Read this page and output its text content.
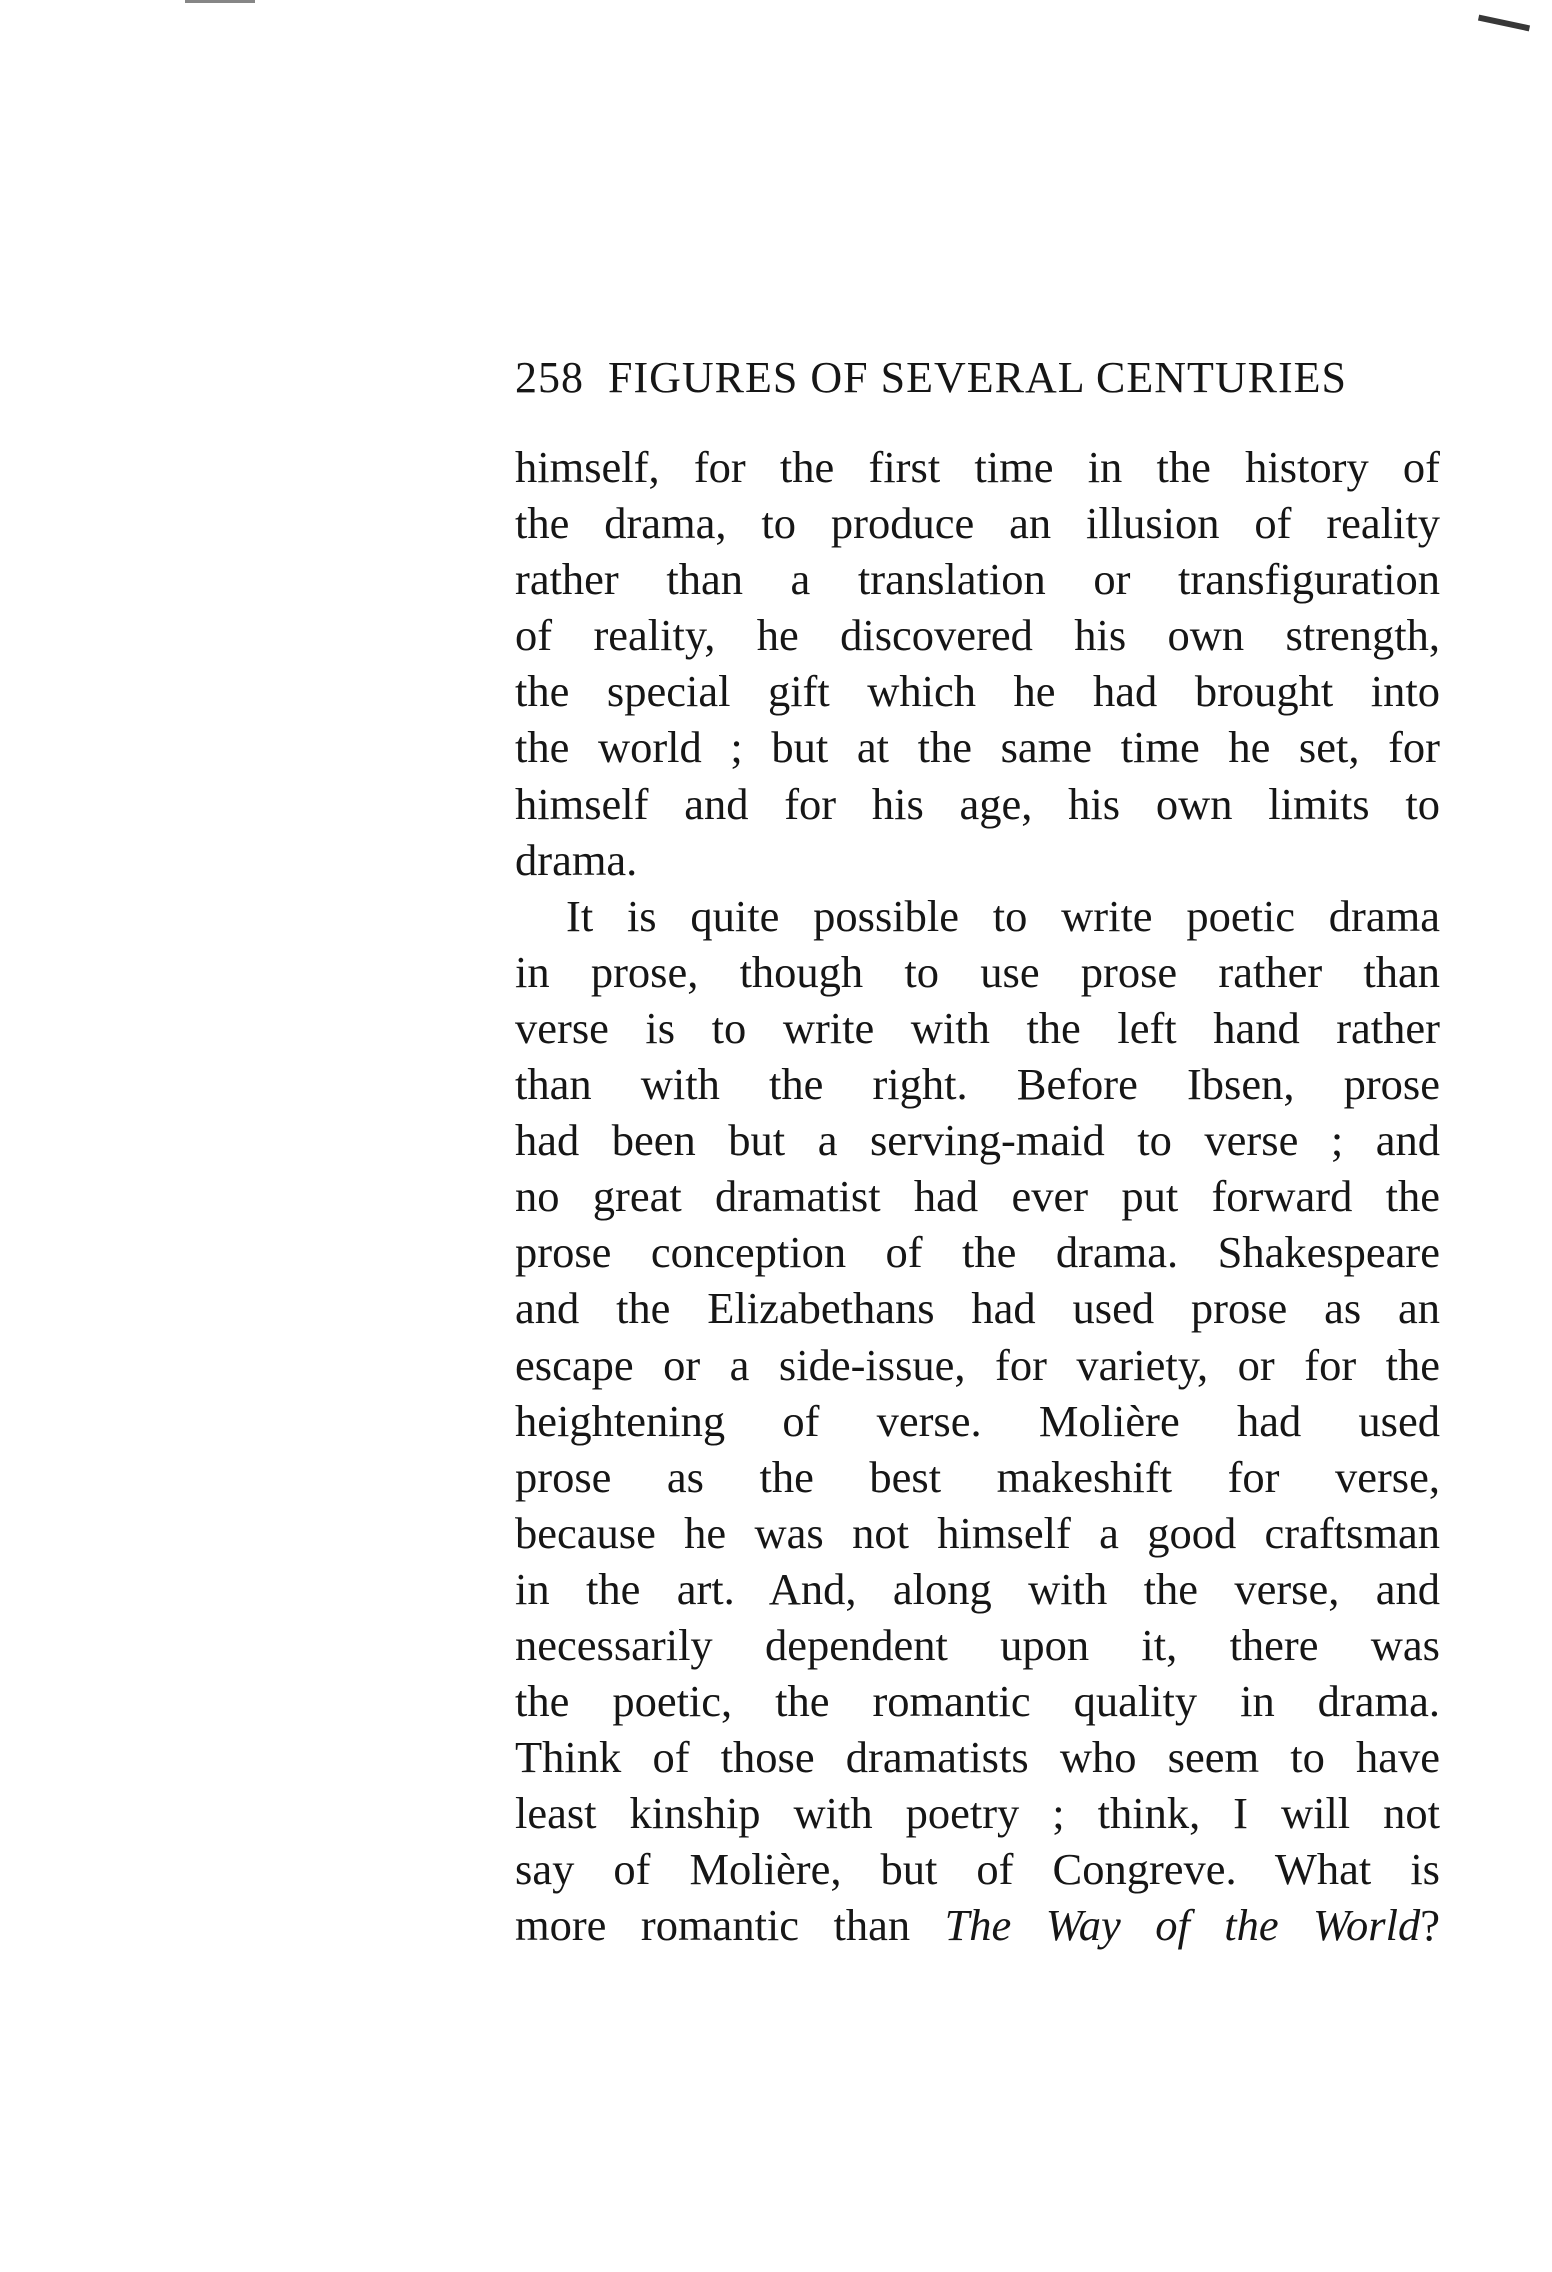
258 FIGURES OF SEVERAL CENTURIES
himself, for the first time in the history of
the drama, to produce an illusion of reality
rather than a translation or transfiguration
of reality, he discovered his own strength,
the special gift which he had brought into
the world ; but at the same time he set, for
himself and for his age, his own limits to
drama.
It is quite possible to write poetic drama
in prose, though to use prose rather than
verse is to write with the left hand rather
than with the right. Before Ibsen, prose
had been but a serving-maid to verse ; and
no great dramatist had ever put forward the
prose conception of the drama. Shakespeare
and the Elizabethans had used prose as an
escape or a side-issue, for variety, or for the
heightening of verse. Molière had used
prose as the best makeshift for verse,
because he was not himself a good craftsman
in the art. And, along with the verse, and
necessarily dependent upon it, there was
the poetic, the romantic quality in drama.
Think of those dramatists who seem to have
least kinship with poetry ; think, I will not
say of Molière, but of Congreve. What is
more romantic than The Way of the World?
